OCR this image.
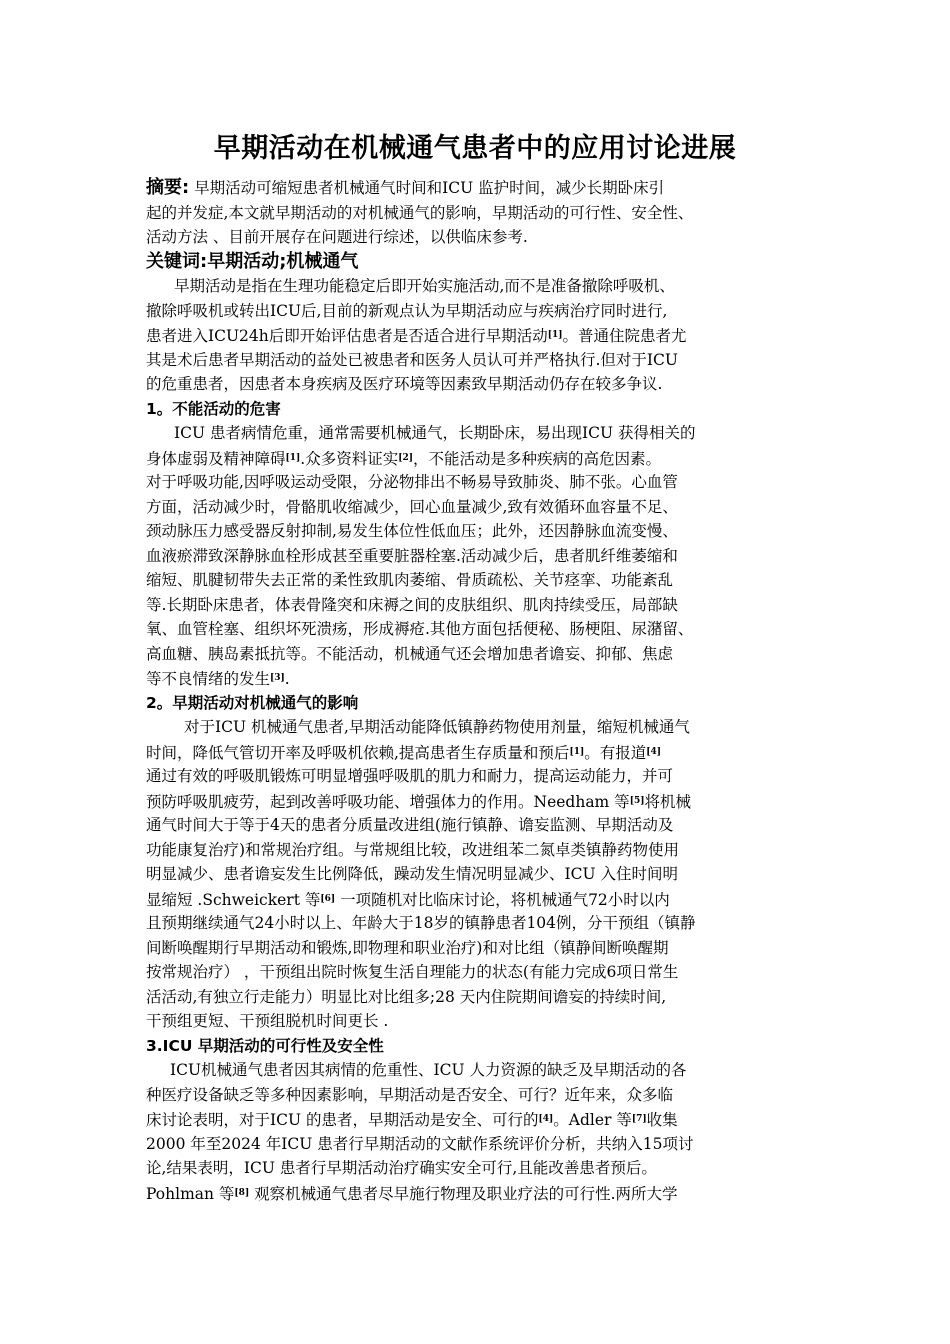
早期活动在机械通气患者中的应用讨论进展
摘要: 早期活动可缩短患者机械通气时间和ICU 监护时间，减少长期卧床引
起的并发症,本文就早期活动的对机械通气的影响，早期活动的可行性、安全性、
活动方法 、目前开展存在问题进行综述，以供临床参考.
关键词:早期活动;机械通气
早期活动是指在生理功能稳定后即开始实施活动,而不是准备撤除呼吸机、
撤除呼吸机或转出ICU后,目前的新观点认为早期活动应与疾病治疗同时进行,
患者进入ICU24h后即开始评估患者是否适合进行早期活动[1]。普通住院患者尤
其是术后患者早期活动的益处已被患者和医务人员认可并严格执行.但对于ICU
的危重患者，因患者本身疾病及医疗环境等因素致早期活动仍存在较多争议.
1。不能活动的危害
ICU 患者病情危重，通常需要机械通气，长期卧床，易出现ICU 获得相关的
身体虚弱及精神障碍[1].众多资料证实[2]，不能活动是多种疾病的高危因素。
对于呼吸功能,因呼吸运动受限，分泌物排出不畅易导致肺炎、肺不张。心血管
方面，活动减少时，骨骼肌收缩减少，回心血量减少,致有效循环血容量不足、
颈动脉压力感受器反射抑制,易发生体位性低血压；此外，还因静脉血流变慢、
血液瘀滞致深静脉血栓形成甚至重要脏器栓塞.活动减少后，患者肌纤维萎缩和
缩短、肌腱韧带失去正常的柔性致肌肉萎缩、骨质疏松、关节痉挛、功能紊乱
等.长期卧床患者，体表骨隆突和床褥之间的皮肤组织、肌肉持续受压，局部缺
氧、血管栓塞、组织坏死溃疡，形成褥疮.其他方面包括便秘、肠梗阻、尿潴留、
高血糖、胰岛素抵抗等。不能活动，机械通气还会增加患者谵妄、抑郁、焦虑
等不良情绪的发生[3].
2。早期活动对机械通气的影响
对于ICU 机械通气患者,早期活动能降低镇静药物使用剂量，缩短机械通气
时间，降低气管切开率及呼吸机依赖,提高患者生存质量和预后[1]。有报道[4]
通过有效的呼吸肌锻炼可明显增强呼吸肌的肌力和耐力，提高运动能力，并可
预防呼吸肌疲劳，起到改善呼吸功能、增强体力的作用。Needham 等[5]将机械
通气时间大于等于4天的患者分质量改进组(施行镇静、谵妄监测、早期活动及
功能康复治疗)和常规治疗组。与常规组比较，改进组苯二氮卓类镇静药物使用
明显减少、患者谵妄发生比例降低，躁动发生情况明显减少、ICU 入住时间明
显缩短 .Schweickert 等[6] 一项随机对比临床讨论，将机械通气72小时以内
且预期继续通气24小时以上、年龄大于18岁的镇静患者104例，分干预组（镇静
间断唤醒期行早期活动和锻炼,即物理和职业治疗)和对比组（镇静间断唤醒期
按常规治疗） ，干预组出院时恢复生活自理能力的状态(有能力完成6项日常生
活活动,有独立行走能力）明显比对比组多;28 天内住院期间谵妄的持续时间,
干预组更短、干预组脱机时间更长 .
3.ICU 早期活动的可行性及安全性
ICU机械通气患者因其病情的危重性、ICU 人力资源的缺乏及早期活动的各
种医疗设备缺乏等多种因素影响，早期活动是否安全、可行？近年来，众多临
床讨论表明，对于ICU 的患者，早期活动是安全、可行的[4]。Adler 等[7]收集
2000 年至2024 年ICU 患者行早期活动的文献作系统评价分析，共纳入15项讨
论,结果表明，ICU 患者行早期活动治疗确实安全可行,且能改善患者预后。
Pohlman 等[8] 观察机械通气患者尽早施行物理及职业疗法的可行性.两所大学
